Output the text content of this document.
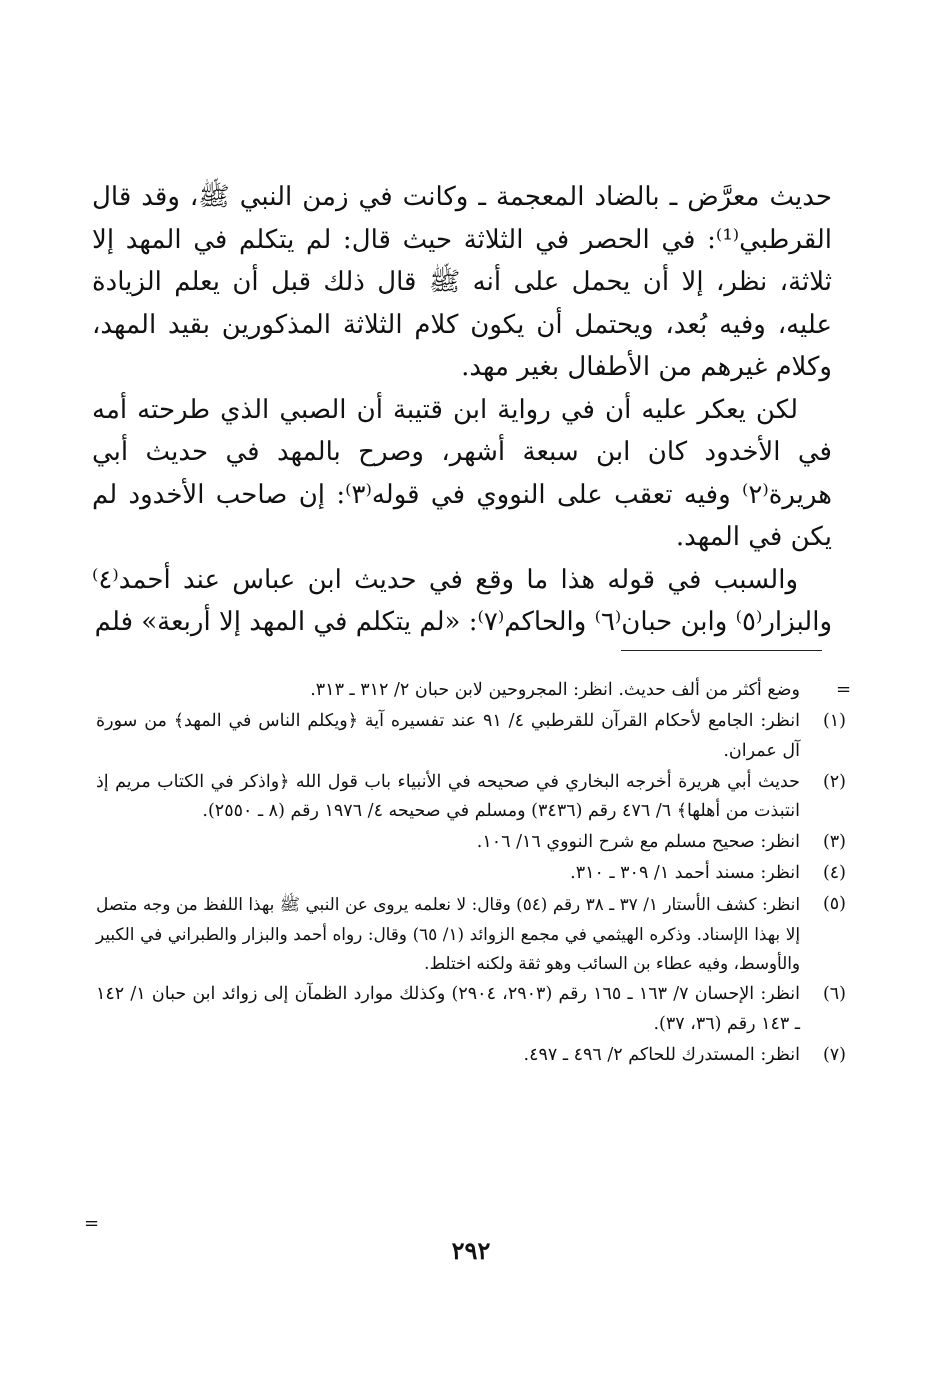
حديث معرَّض ـ بالضاد المعجمة ـ وكانت في زمن النبي ﷺ، وقد قال القرطبي⁽¹⁾: في الحصر في الثلاثة حيث قال: لم يتكلم في المهد إلا ثلاثة، نظر، إلا أن يحمل على أنه ﷺ قال ذلك قبل أن يعلم الزيادة عليه، وفيه بُعد، ويحتمل أن يكون كلام الثلاثة المذكورين بقيد المهد، وكلام غيرهم من الأطفال بغير مهد.

لكن يعكر عليه أن في رواية ابن قتيبة أن الصبي الذي طرحته أمه في الأخدود كان ابن سبعة أشهر، وصرح بالمهد في حديث أبي هريرة⁽٢⁾ وفيه تعقب على النووي في قوله⁽٣⁾: إن صاحب الأخدود لم يكن في المهد.

والسبب في قوله هذا ما وقع في حديث ابن عباس عند أحمد⁽٤⁾ والبزار⁽٥⁾ وابن حبان⁽٦⁾ والحاكم⁽٧⁾: «لم يتكلم في المهد إلا أربعة» فلم

=
وضع أكثر من ألف حديث. انظر: المجروحين لابن حبان ٢/ ٣١٢ ـ ٣١٣.
(١)
انظر: الجامع لأحكام القرآن للقرطبي ٤/ ٩١ عند تفسيره آية ﴿ويكلم الناس في المهد﴾ من سورة آل عمران.
(٢)
حديث أبي هريرة أخرجه البخاري في صحيحه في الأنبياء باب قول الله ﴿واذكر في الكتاب مريم إذ انتبذت من أهلها﴾ ٦/ ٤٧٦ رقم (٣٤٣٦) ومسلم في صحيحه ٤/ ١٩٧٦ رقم (٨ ـ ٢٥٥٠).
(٣)
انظر: صحيح مسلم مع شرح النووي ١٦/ ١٠٦.
(٤)
انظر: مسند أحمد ١/ ٣٠٩ ـ ٣١٠.
(٥)
انظر: كشف الأستار ١/ ٣٧ ـ ٣٨ رقم (٥٤) وقال: لا نعلمه يروى عن النبي ﷺ بهذا اللفظ من وجه متصل إلا بهذا الإسناد. وذكره الهيثمي في مجمع الزوائد (١/ ٦٥) وقال: رواه أحمد والبزار والطبراني في الكبير والأوسط، وفيه عطاء بن السائب وهو ثقة ولكنه اختلط.
(٦)
انظر: الإحسان ٧/ ١٦٣ ـ ١٦٥ رقم (٢٩٠٣، ٢٩٠٤) وكذلك موارد الظمآن إلى زوائد ابن حبان ١/ ١٤٢ ـ ١٤٣ رقم (٣٦، ٣٧).
(٧)
انظر: المستدرك للحاكم ٢/ ٤٩٦ ـ ٤٩٧.
=
٢٩٢
